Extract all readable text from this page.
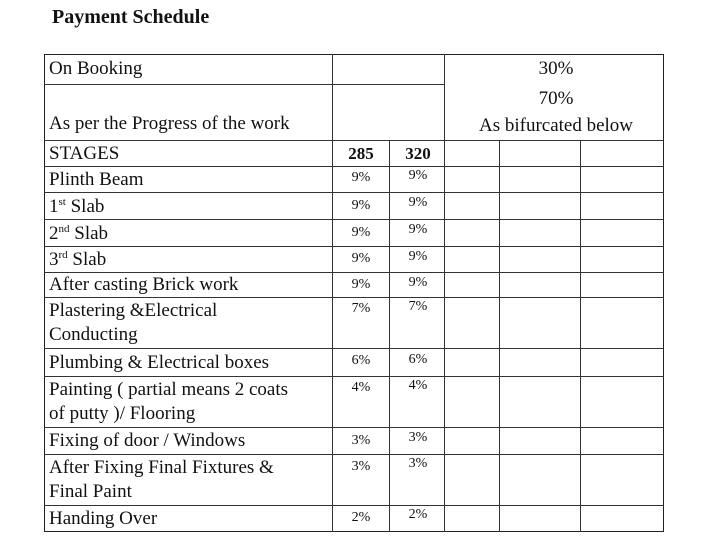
Payment Schedule
On Booking	30%
70%
As per the Progress of the work	As bifurcated below
STAGES	285	320
Plinth Beam	9%	9%
1st Slab	9%	9%
2nd Slab	9%	9%
3rd Slab	9%	9%
After casting Brick work	9%	9%
Plastering &Electrical
Conducting
7%	7%
Plumbing & Electrical boxes	6%	6%
Painting ( partial means 2 coats
of putty )/ Flooring
4%	4%
Fixing of door / Windows	3%	3%
After Fixing Final Fixtures &
Final Paint
3%	3%
Handing Over	2%	2%
